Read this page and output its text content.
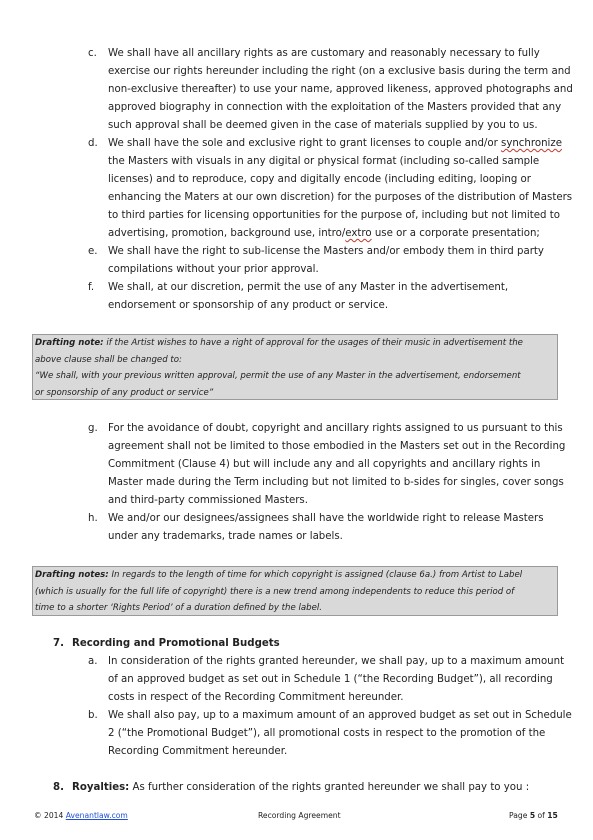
c. We shall have all ancillary rights as are customary and reasonably necessary to fully
exercise our rights hereunder including the right (on a exclusive basis during the term and
non-exclusive thereafter) to use your name, approved likeness, approved photographs and
approved biography in connection with the exploitation of the Masters provided that any
such approval shall be deemed given in the case of materials supplied by you to us.
d. We shall have the sole and exclusive right to grant licenses to couple and/or synchronize
the Masters with visuals in any digital or physical format (including so-called sample
licenses) and to reproduce, copy and digitally encode (including editing, looping or
enhancing the Maters at our own discretion) for the purposes of the distribution of Masters
to third parties for licensing opportunities for the purpose of, including but not limited to
advertising, promotion, background use, intro/extro use or a corporate presentation;
e. We shall have the right to sub-license the Masters and/or embody them in third party
compilations without your prior approval.
f. We shall, at our discretion, permit the use of any Master in the advertisement,
endorsement or sponsorship of any product or service.
Drafting note: if the Artist wishes to have a right of approval for the usages of their music in advertisement the
above clause shall be changed to:
“We shall, with your previous written approval, permit the use of any Master in the advertisement, endorsement
or sponsorship of any product or service”
g. For the avoidance of doubt, copyright and ancillary rights assigned to us pursuant to this
agreement shall not be limited to those embodied in the Masters set out in the Recording
Commitment (Clause 4) but will include any and all copyrights and ancillary rights in
Master made during the Term including but not limited to b-sides for singles, cover songs
and third-party commissioned Masters.
h. We and/or our designees/assignees shall have the worldwide right to release Masters
under any trademarks, trade names or labels.
Drafting notes: In regards to the length of time for which copyright is assigned (clause 6a.) from Artist to Label
(which is usually for the full life of copyright) there is a new trend among independents to reduce this period of
time to a shorter ‘Rights Period’ of a duration defined by the label.
7. Recording and Promotional Budgets
a. In consideration of the rights granted hereunder, we shall pay, up to a maximum amount
of an approved budget as set out in Schedule 1 (“the Recording Budget”), all recording
costs in respect of the Recording Commitment hereunder.
b. We shall also pay, up to a maximum amount of an approved budget as set out in Schedule
2 (“the Promotional Budget”), all promotional costs in respect to the promotion of the
Recording Commitment hereunder.
8. Royalties: As further consideration of the rights granted hereunder we shall pay to you :
© 2014 Avenantlaw.com	Recording Agreement	Page 5 of 15
